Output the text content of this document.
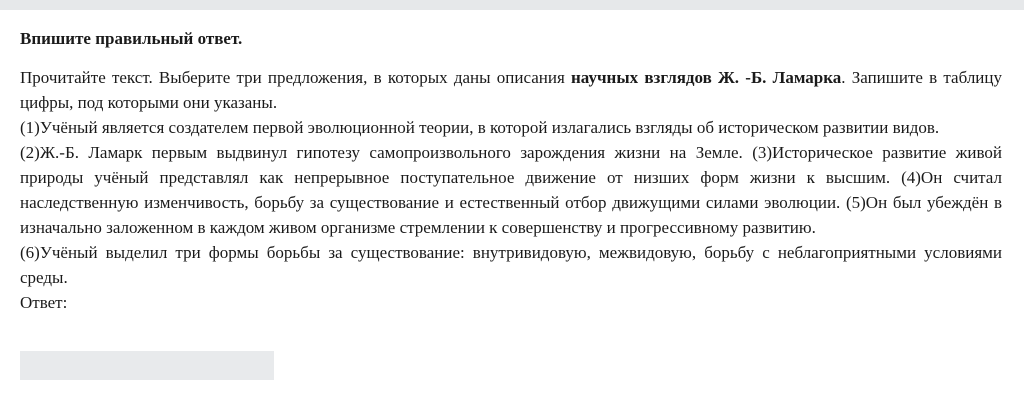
Впишите правильный ответ.
Прочитайте текст. Выберите три предложения, в которых даны описания научных взглядов Ж. -Б. Ламарка. Запишите в таблицу цифры, под которыми они указаны.
(1)Учёный является создателем первой эволюционной теории, в которой излагались взгляды об историческом развитии видов.
(2)Ж.-Б. Ламарк первым выдвинул гипотезу самопроизвольного зарождения жизни на Земле. (3)Историческое развитие живой природы учёный представлял как непрерывное поступательное движение от низших форм жизни к высшим. (4)Он считал наследственную изменчивость, борьбу за существование и естественный отбор движущими силами эволюции. (5)Он был убеждён в изначально заложенном в каждом живом организме стремлении к совершенству и прогрессивному развитию.
(6)Учёный выделил три формы борьбы за существование: внутривидовую, межвидовую, борьбу с неблагоприятными условиями среды.
Ответ:
